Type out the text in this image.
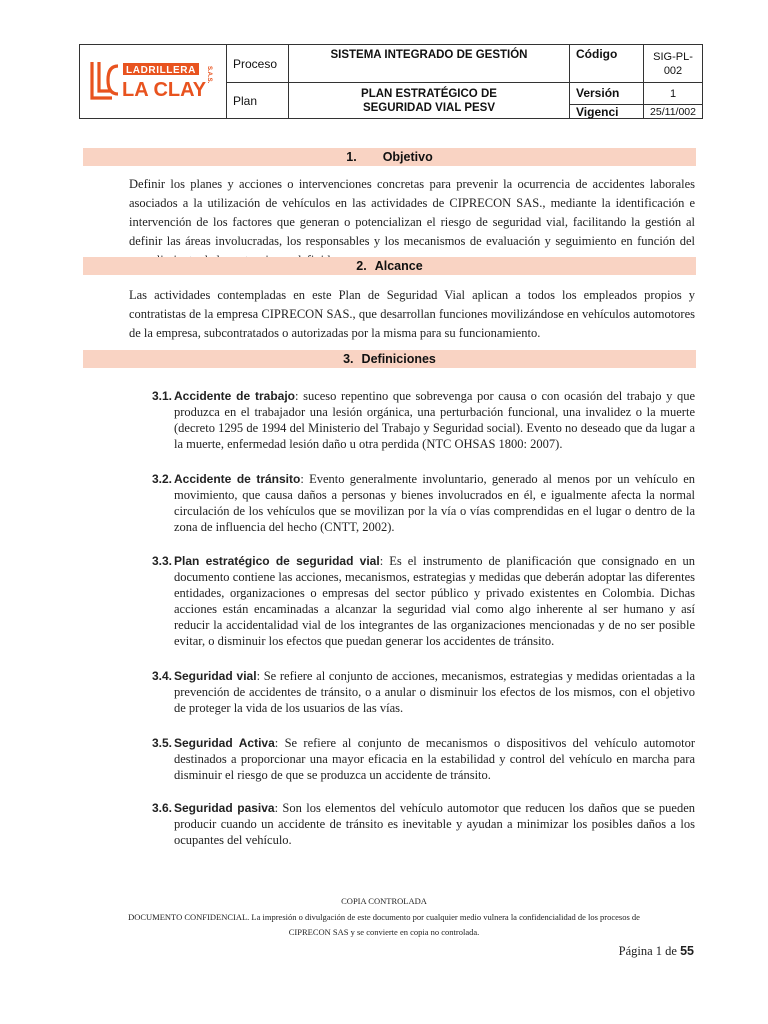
LADRILLERA
LA CLAY
S.A.S.	Proceso	SISTEMA INTEGRADO DE GESTIÓN	Código	SIG-PL-002
	Plan	PLAN ESTRATÉGICO DE SEGURIDAD VIAL PESV	Versión	1
			Vigenci	25/11/002
1. Objetivo

Definir los planes y acciones o intervenciones concretas para prevenir la ocurrencia de accidentes laborales asociados a la utilización de vehículos en las actividades de CIPRECON SAS., mediante la identificación e intervención de los factores que generan o potencializan el riesgo de seguridad vial, facilitando la gestión al definir las áreas involucradas, los responsables y los mecanismos de evaluación y seguimiento en función del

2. Alcance

Las actividades contempladas en este Plan de Seguridad Vial aplican a todos los empleados propios y contratistas de la empresa CIPRECON SAS., que desarrollan funciones movilizándose en vehículos automotores de la empresa, subcontratados o autorizadas por la misma para su funcionamiento.

3. Definiciones
3.1. Accidente de trabajo: suceso repentino que sobrevenga por causa o con ocasión del trabajo y que produzca en el trabajador una lesión orgánica, una perturbación funcional, una invalidez o la muerte (decreto 1295 de 1994 del Ministerio del Trabajo y Seguridad social). Evento no deseado que da lugar a la muerte, enfermedad lesión daño u otra perdida (NTC OHSAS 1800: 2007).
3.2. Accidente de tránsito: Evento generalmente involuntario, generado al menos por un vehículo en movimiento, que causa daños a personas y bienes involucrados en él, e igualmente afecta la normal circulación de los vehículos que se movilizan por la vía o vías comprendidas en el lugar o dentro de la zona de influencia del hecho (CNTT, 2002).
3.3. Plan estratégico de seguridad vial: Es el instrumento de planificación que consignado en un documento contiene las acciones, mecanismos, estrategias y medidas que deberán adoptar las diferentes entidades, organizaciones o empresas del sector público y privado existentes en Colombia. Dichas acciones están encaminadas a alcanzar la seguridad vial como algo inherente al ser humano y así reducir la accidentalidad vial de los integrantes de las organizaciones mencionadas y de no ser posible evitar, o disminuir los efectos que puedan generar los accidentes de tránsito.
3.4. Seguridad vial: Se refiere al conjunto de acciones, mecanismos, estrategias y medidas orientadas a la prevención de accidentes de tránsito, o a anular o disminuir los efectos de los mismos, con el objetivo de proteger la vida de los usuarios de las vías.
3.5. Seguridad Activa: Se refiere al conjunto de mecanismos o dispositivos del vehículo automotor destinados a proporcionar una mayor eficacia en la estabilidad y control del vehículo en marcha para disminuir el riesgo de que se produzca un accidente de tránsito.
3.6. Seguridad pasiva: Son los elementos del vehículo automotor que reducen los daños que se pueden producir cuando un accidente de tránsito es inevitable y ayudan a minimizar los posibles daños a los ocupantes del vehículo.
COPIA CONTROLADA
DOCUMENTO CONFIDENCIAL. La impresión o divulgación de este documento por cualquier medio vulnera la confidencialidad de los procesos de
CIPRECON SAS y se convierte en copia no controlada.
Página 1 de 55
